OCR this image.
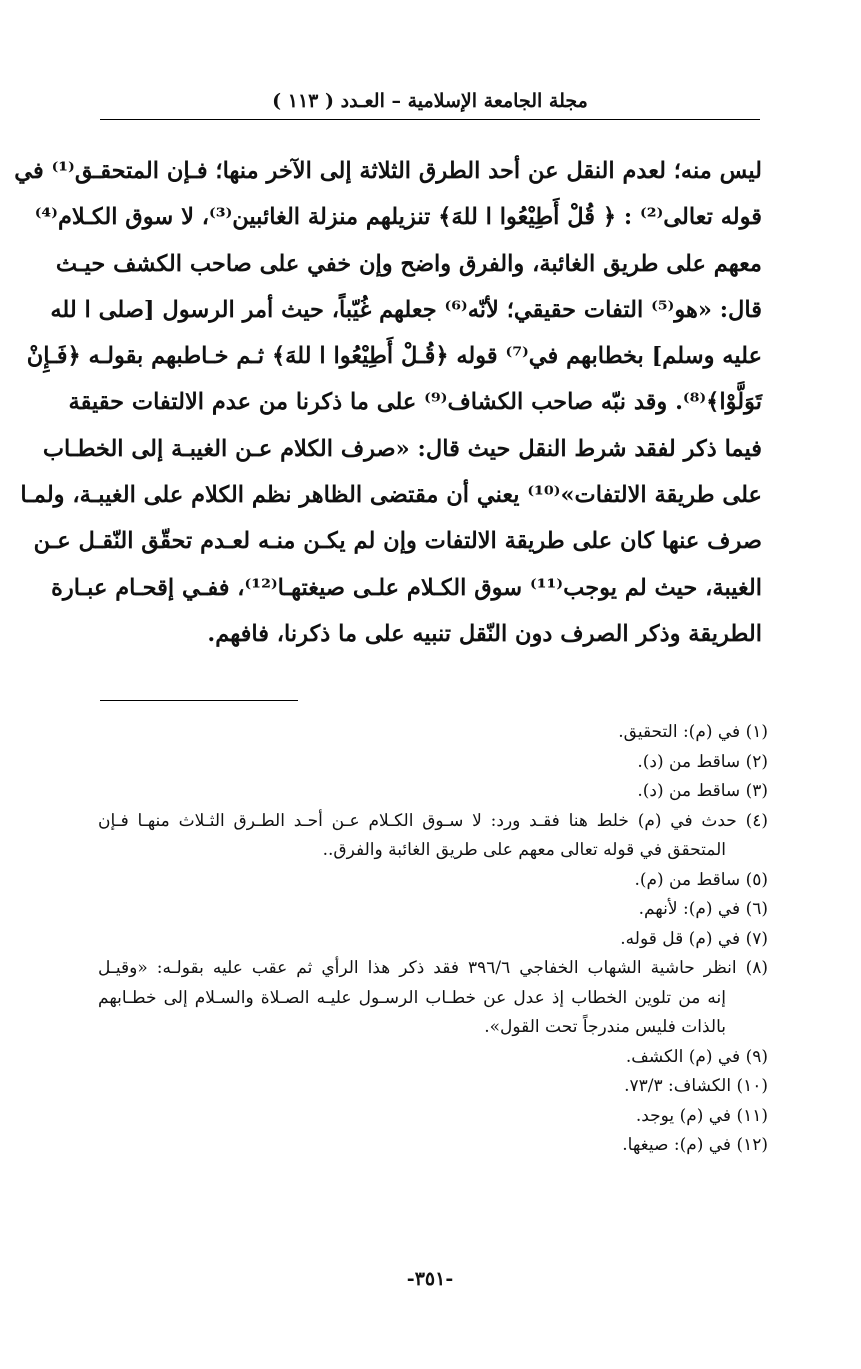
مجلة الجامعة الإسلامية – العـدد ( ١١٣ )
ليس منه؛ لعدم النقل عن أحد الطرق الثلاثة إلى الآخر منها؛ فـإن المتحقـق⁽¹⁾ في
قوله تعالى⁽²⁾ : ﴿ قُلْ أَطِيْعُوا ا للهَ﴾ تنزيلهم منزلة الغائبين⁽³⁾، لا سوق الكـلام⁽⁴⁾
معهم على طريق الغائبة، والفرق واضح وإن خفي على صاحب الكشف حيـث
قال: «هو⁽⁵⁾ التفات حقيقي؛ لأنّه⁽⁶⁾ جعلهم غُيّباً، حيث أمر الرسول [صلى ا لله
عليه وسلم] بخطابهم في⁽⁷⁾ قوله ﴿قُـلْ أَطِيْعُوا ا للهَ﴾ ثـم خـاطبهم بقولـه ﴿فَـإِنْ
تَوَلَّوْا﴾⁽⁸⁾. وقد نبّه صاحب الكشاف⁽⁹⁾ على ما ذكرنا من عدم الالتفات حقيقة
فيما ذكر لفقد شرط النقل حيث قال: «صرف الكلام عـن الغيبـة إلى الخطـاب
على طريقة الالتفات»⁽¹⁰⁾ يعني أن مقتضى الظاهر نظم الكلام على الغيبـة، ولمـا
صرف عنها كان على طريقة الالتفات وإن لم يكـن منـه لعـدم تحقّق النّقـل عـن
الغيبة، حيث لم يوجب⁽¹¹⁾ سوق الكـلام علـى صيغتهـا⁽¹²⁾، ففـي إقحـام عبـارة
الطريقة وذكر الصرف دون النّقل تنبيه على ما ذكرنا، فافهم.
(١) في (م): التحقيق.
(٢) ساقط من (د).
(٣) ساقط من (د).
(٤) حدث في (م) خلط هنا فقـد ورد: لا سـوق الكـلام عـن أحـد الطـرق الثـلاث منهـا فـإن
المتحقق في قوله تعالى معهم على طريق الغائبة والفرق..
(٥) ساقط من (م).
(٦) في (م): لأنهم.
(٧) في (م) قل قوله.
(٨) انظر حاشية الشهاب الخفاجي ٣٩٦/٦ فقد ذكر هذا الرأي ثم عقب عليه بقولـه: «وقيـل
إنه من تلوين الخطاب إذ عدل عن خطـاب الرسـول عليـه الصـلاة والسـلام إلى خطـابهم
بالذات فليس مندرجاً تحت القول».
(٩) في (م) الكشف.
(١٠) الكشاف: ٧٣/٣.
(١١) في (م) يوجد.
(١٢) في (م): صيغها.
-٣٥١-
